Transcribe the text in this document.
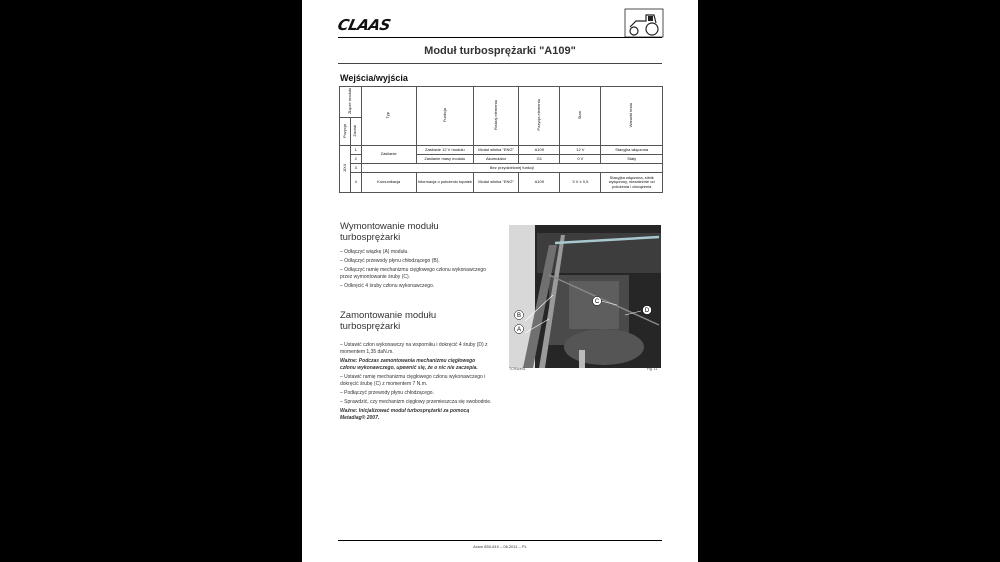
CLAAS
Moduł turbosprężarki "A109"
Wejścia/wyjścia
Złącze modułu		Typ	Funkcja	Rodzaj elementu	Pozycja elementu	Stan	Warunki testu
Pozycja	Zacisk						
J/X4	1	Zasilanie	Zasilanie 12 V modułu	Moduł silnika "ENG"	A109	12 V	Stacyjka włączona
	2		Zasilanie masy modułu	Akumulator	G1	0 V	Stały
	3	Bez przydzielonej funkcji					
	4	Komunikacja	Informacja o położeniu łopatek	Moduł silnika "ENG"	A109	3 V ± 0,5	Stacyjka włączona, silnik wyłączony, niezależnie od położenia i obciążenia
Wymontowanie modułu turbosprężarki

– Odłączyć wiązkę (A) modułu.

– Odłączyć przewody płynu chłodzącego (B).

– Odłączyć ramię mechanizmu cięgłowego członu wykonawczego przez wymontowanie śruby (C).

– Odkręcić 4 śruby członu wykonawczego.

Zamontowanie modułu turbosprężarki

– Ustawić człon wykonawczy na wsporniku i dokręcić 4 śruby (D) z momentem 1,35 daN.m.

Ważne: Podczas zamontowania mechanizmu cięgłowego członu wykonawczego, upewnić się, że o nic nie zaczepia.

– Ustawić ramię mechanizmu cięgłowego członu wykonawczego i dokręcić śrubę (C) z momentem 7 N.m.

– Podłączyć przewody płynu chłodzącego.

– Sprawdzić, czy mechanizm cięgłowy przemieszcza się swobodnie.

Ważne: Inicjalizować moduł turbosprężarki za pomocą Metadiag® 2007.

A
B
C
D
TCR4ce01	Fig. 11
Axion 850-810 – 06.2011 – PL
